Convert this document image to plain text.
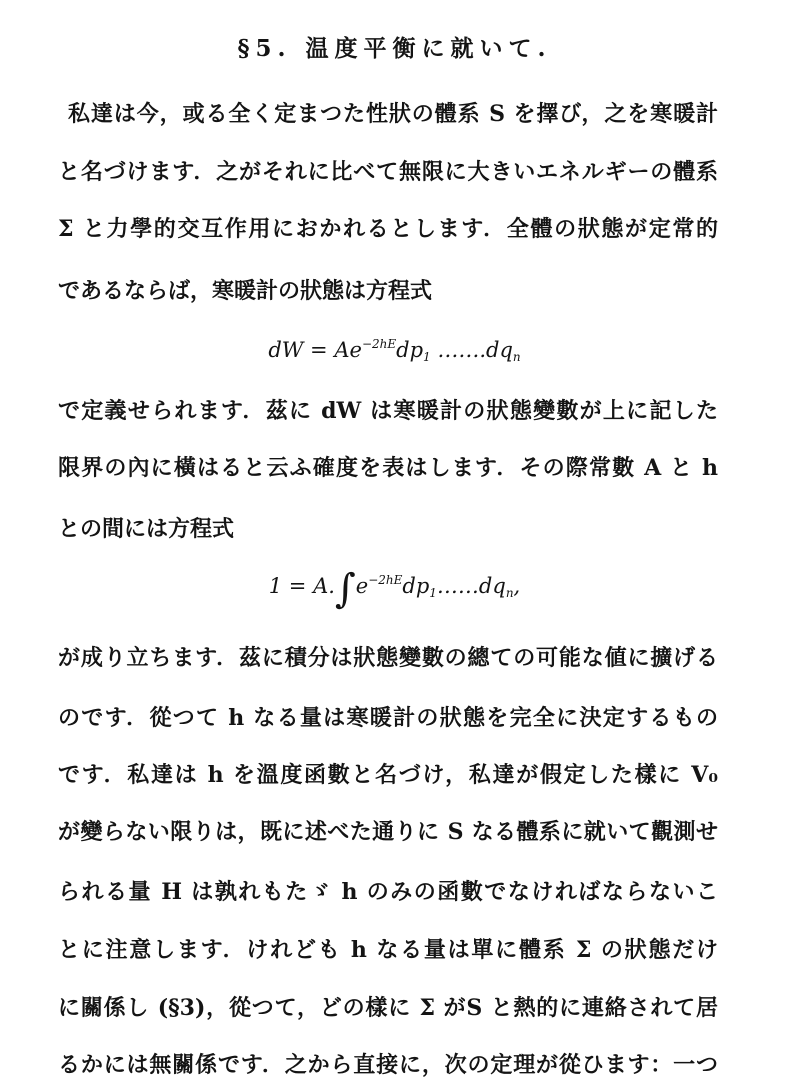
§5. 温度平衡に就いて.
私達は今，或る全く定まつた性狀の體系 S を擇び，之を寒暖計
と名づけます．之がそれに比べて無限に大きいエネルギーの體系
Σ と力學的交互作用におかれるとします．全體の狀態が定常的
であるならば，寒暖計の狀態は方程式
dW = $Ae^{-2hE}dp1$ …….dqn
で定義せられます．茲に dW は寒暖計の狀態變數が上に記した
限界の內に橫はると云ふ確度を表はします．その際常數 A と h
との間には方程式
$1 = A.\int e^{-2hE}dp1\dots\dots dqn$,
が成り立ちます．茲に積分は狀態變數の總ての可能な値に擴げる
のです．從つて h なる量は寒暖計の狀態を完全に決定するもの
です．私達は h を溫度函數と名づけ，私達が假定した樣に V₀
が變らない限りは，既に述べた通りに S なる體系に就いて觀測せ
られる量 H は孰れもたゞ h のみの函數でなければならないこ
とに注意します．けれども h なる量は單に體系 Σ の狀態だけ
に關係し (§3)，從つて，どの樣に Σ がS と熱的に連絡されて居
るかには無關係です．之から直接に，次の定理が從ひます：一つ
